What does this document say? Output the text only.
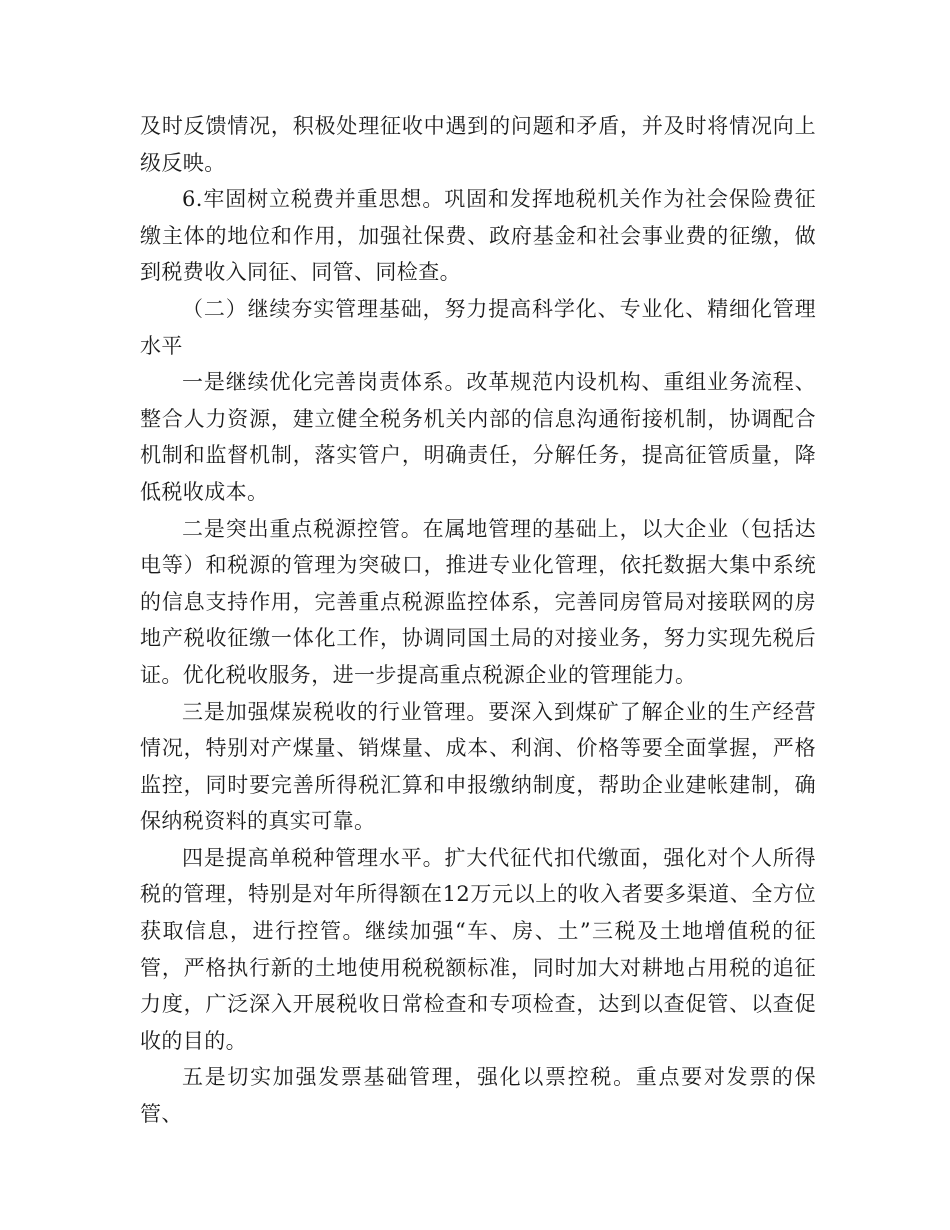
及时反馈情况，积极处理征收中遇到的问题和矛盾，并及时将情况向上级反映。

6.牢固树立税费并重思想。巩固和发挥地税机关作为社会保险费征缴主体的地位和作用，加强社保费、政府基金和社会事业费的征缴，做到税费收入同征、同管、同检查。

（二）继续夯实管理基础，努力提高科学化、专业化、精细化管理水平

一是继续优化完善岗责体系。改革规范内设机构、重组业务流程、整合人力资源，建立健全税务机关内部的信息沟通衔接机制，协调配合机制和监督机制，落实管户，明确责任，分解任务，提高征管质量，降低税收成本。

二是突出重点税源控管。在属地管理的基础上，以大企业（包括达电等）和税源的管理为突破口，推进专业化管理，依托数据大集中系统的信息支持作用，完善重点税源监控体系，完善同房管局对接联网的房地产税收征缴一体化工作，协调同国土局的对接业务，努力实现先税后证。优化税收服务，进一步提高重点税源企业的管理能力。

三是加强煤炭税收的行业管理。要深入到煤矿了解企业的生产经营情况，特别对产煤量、销煤量、成本、利润、价格等要全面掌握，严格监控，同时要完善所得税汇算和申报缴纳制度，帮助企业建帐建制，确保纳税资料的真实可靠。

四是提高单税种管理水平。扩大代征代扣代缴面，强化对个人所得税的管理，特别是对年所得额在12万元以上的收入者要多渠道、全方位获取信息，进行控管。继续加强“车、房、土”三税及土地增值税的征管，严格执行新的土地使用税税额标准，同时加大对耕地占用税的追征力度，广泛深入开展税收日常检查和专项检查，达到以查促管、以查促收的目的。

五是切实加强发票基础管理，强化以票控税。重点要对发票的保管、
